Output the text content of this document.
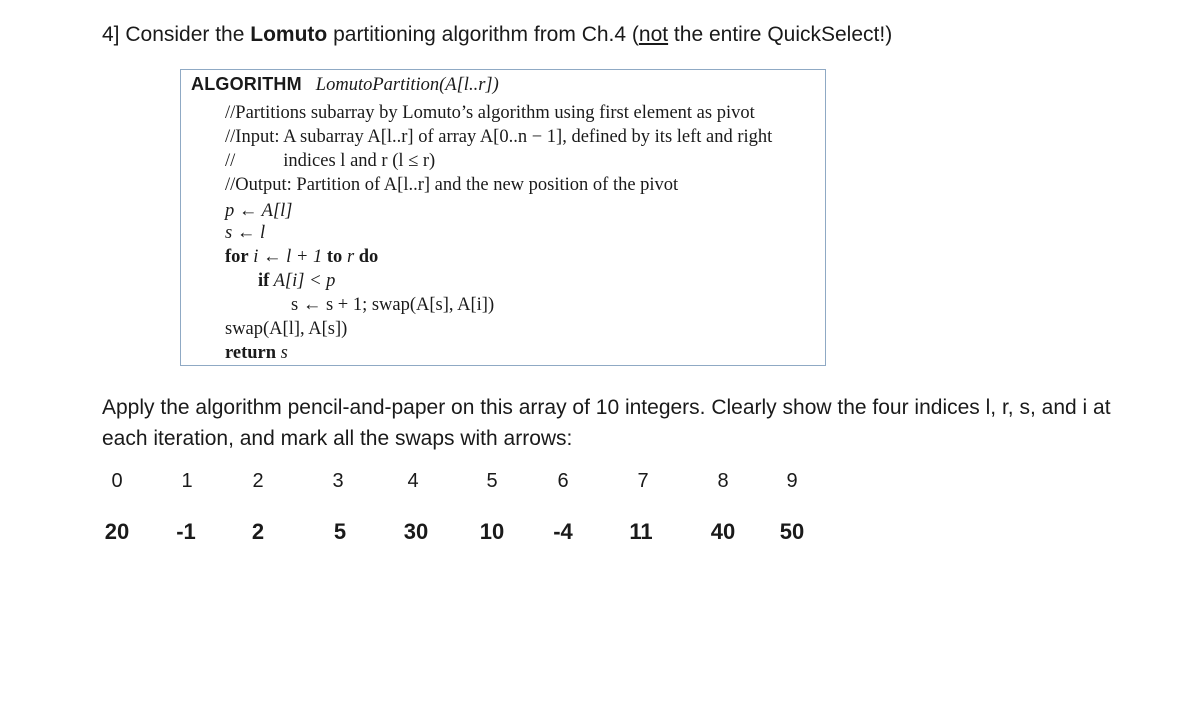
4] Consider the Lomuto partitioning algorithm from Ch.4 (not the entire QuickSelect!)
ALGORITHM LomutoPartition(A[l..r])
//Partitions subarray by Lomuto’s algorithm using first element as pivot
//Input: A subarray A[l..r] of array A[0..n − 1], defined by its left and right
//	indices l and r (l ≤ r)
//Output: Partition of A[l..r] and the new position of the pivot
p ← A[l]
s ← l
for i ← l + 1 to r do
if A[i] < p
s ← s + 1; swap(A[s], A[i])
swap(A[l], A[s])
return s
Apply the algorithm pencil-and-paper on this array of 10 integers. Clearly show the four indices l, r, s, and i at each iteration, and mark all the swaps with arrows:
0	1	2	3	4	5	6	7	8	9
20	-1	2	5	30	10	-4	11	40	50
